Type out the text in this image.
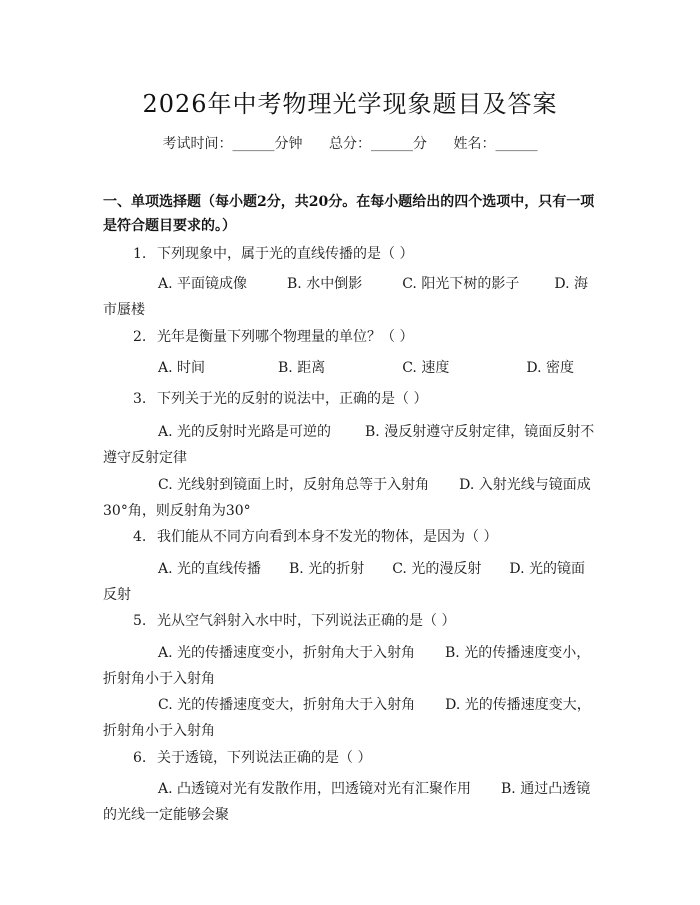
2026年中考物理光学现象题目及答案
考试时间：______分钟 总分：______分 姓名：______
一、单项选择题（每小题2分，共20分。在每小题给出的四个选项中，只有一项是符合题目要求的。）
1. 下列现象中，属于光的直线传播的是（ ）
A. 平面镜成像	B. 水中倒影	C. 阳光下树的影子	D. 海市蜃楼
2. 光年是衡量下列哪个物理量的单位？（ ）
A. 时间	B. 距离	C. 速度	D. 密度
3. 下列关于光的反射的说法中，正确的是（ ）
A. 光的反射时光路是可逆的 B. 漫反射遵守反射定律，镜面反射不遵守反射定律
C. 光线射到镜面上时，反射角总等于入射角 D. 入射光线与镜面成30°角，则反射角为30°
4. 我们能从不同方向看到本身不发光的物体，是因为（ ）
A. 光的直线传播 B. 光的折射 C. 光的漫反射 D. 光的镜面反射
5. 光从空气斜射入水中时，下列说法正确的是（ ）
A. 光的传播速度变小，折射角大于入射角 B. 光的传播速度变小，折射角小于入射角
C. 光的传播速度变大，折射角大于入射角 D. 光的传播速度变大，折射角小于入射角
6. 关于透镜，下列说法正确的是（ ）
A. 凸透镜对光有发散作用，凹透镜对光有汇聚作用 B. 通过凸透镜的光线一定能够会聚
